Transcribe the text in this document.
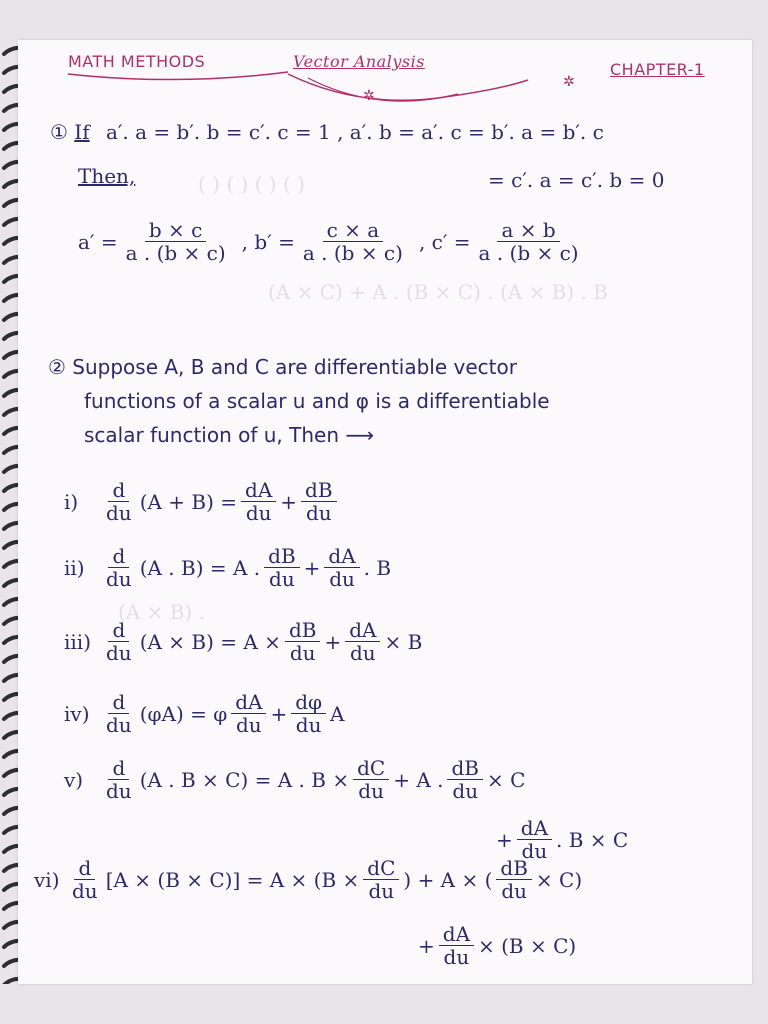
( ) ( ) ( ) ( )
(A × C) + A . (B × C) . (A × B) . B
(A × B) .
MATH METHODS	Vector Analysis	CHAPTER-1
✲
✲
① If a′. a = b′. b = c′. c = 1 , a′. b = a′. c = b′. a = b′. c
Then,	= c′. a = c′. b = 0
$a' = \frac{b \times c}{a . (b \times c)}$ , $b' = \frac{c \times a}{a . (b \times c)}$ , $c' = \frac{a \times b}{a . (b \times c)}$
② Suppose A, B and C are differentiable vector
functions of a scalar u and φ is a differentiable
scalar function of u, Then ⟶
i)	$\frac{d}{du} (A + B) = \frac{dA}{du} + \frac{dB}{du}$
$ii) \frac{d}{du} (A$ . B) = A . $\frac{dB}{du} + \frac{dA}{du}$ . B
$iii) \frac{d}{du} (A \times B) = A \times \frac{dB}{du} + \frac{dA}{du} \times B$
$iv) \frac{d}{du} (\varphi A) = \varphi \frac{dA}{du} + \frac{d\varphi}{du}$ A
$v) \frac{d}{du} (A$ . B × C) = A . $B \times \frac{dC}{du} + A$ . $\frac{dB}{du} \times C$
+ $\frac{dA}{du}$ . B × C
$vi) \frac{d}{du} [A \times (B \times C)] = A \times (B \times \frac{dC}{du}$ ) + A × ( $\frac{dB}{du} \times C$)
+ $\frac{dA}{du} \times (B \times C)$
